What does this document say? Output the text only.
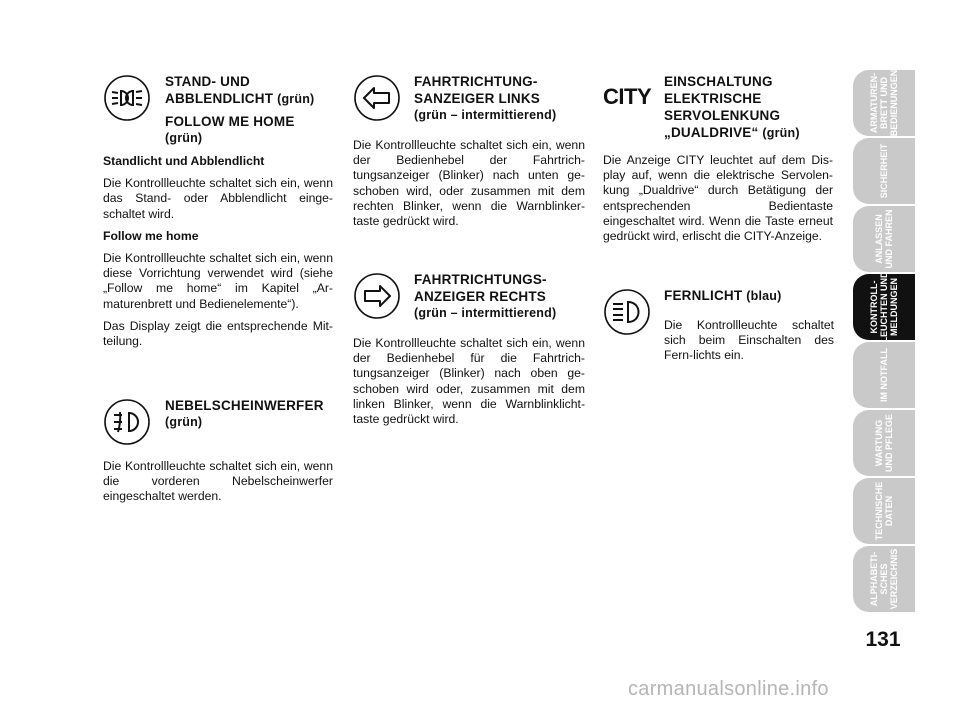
STAND- UND
ABBLENDLICHT (grün)
FOLLOW ME HOME
(grün)

Standlicht und Abblendlicht

Die Kontrollleuchte schaltet sich ein, wenn das Stand- oder Abblendlicht einge-schaltet wird.

Follow me home

Die Kontrollleuchte schaltet sich ein, wenn diese Vorrichtung verwendet wird (siehe „Follow me home“ im Kapitel „Ar-maturenbrett und Bedienelemente“).

Das Display zeigt die entsprechende Mit-teilung.

NEBELSCHEINWERFER
(grün)

Die Kontrollleuchte schaltet sich ein, wenn die vorderen Nebelscheinwerfer eingeschaltet werden.

FAHRTRICHTUNG-
SANZEIGER LINKS
(grün – intermittierend)

Die Kontrollleuchte schaltet sich ein, wenn der Bedienhebel der Fahrtrich-tungsanzeiger (Blinker) nach unten ge-schoben wird, oder zusammen mit dem rechten Blinker, wenn die Warnblinker-taste gedrückt wird.

FAHRTRICHTUNGS-
ANZEIGER RECHTS
(grün – intermittierend)

Die Kontrollleuchte schaltet sich ein, wenn der Bedienhebel für die Fahrtrich-tungsanzeiger (Blinker) nach oben ge-schoben wird oder, zusammen mit dem linken Blinker, wenn die Warnblinklicht-taste gedrückt wird.

CITY
EINSCHALTUNG
ELEKTRISCHE
SERVOLENKUNG
„DUALDRIVE“ (grün)

Die Anzeige CITY leuchtet auf dem Dis-play auf, wenn die elektrische Servolen-kung „Dualdrive“ durch Betätigung der entsprechenden Bedientaste eingeschaltet wird. Wenn die Taste erneut gedrückt wird, erlischt die CITY-Anzeige.

FERNLICHT (blau)

Die Kontrollleuchte schaltet sich beim Einschalten des Fern-lichts ein.

ARMATUREN-
BRETT UND
BEDIENUNGEN
SICHERHEIT
ANLASSEN
UND FAHREN
KONTROLL-
LEUCHTEN UND
MELDUNGEN
IM NOTFALL
WARTUNG
UND PFLEGE
TECHNISCHE
DATEN
ALPHABETI-
SCHES
VERZEICHNIS
131
carmanualsonline.info
